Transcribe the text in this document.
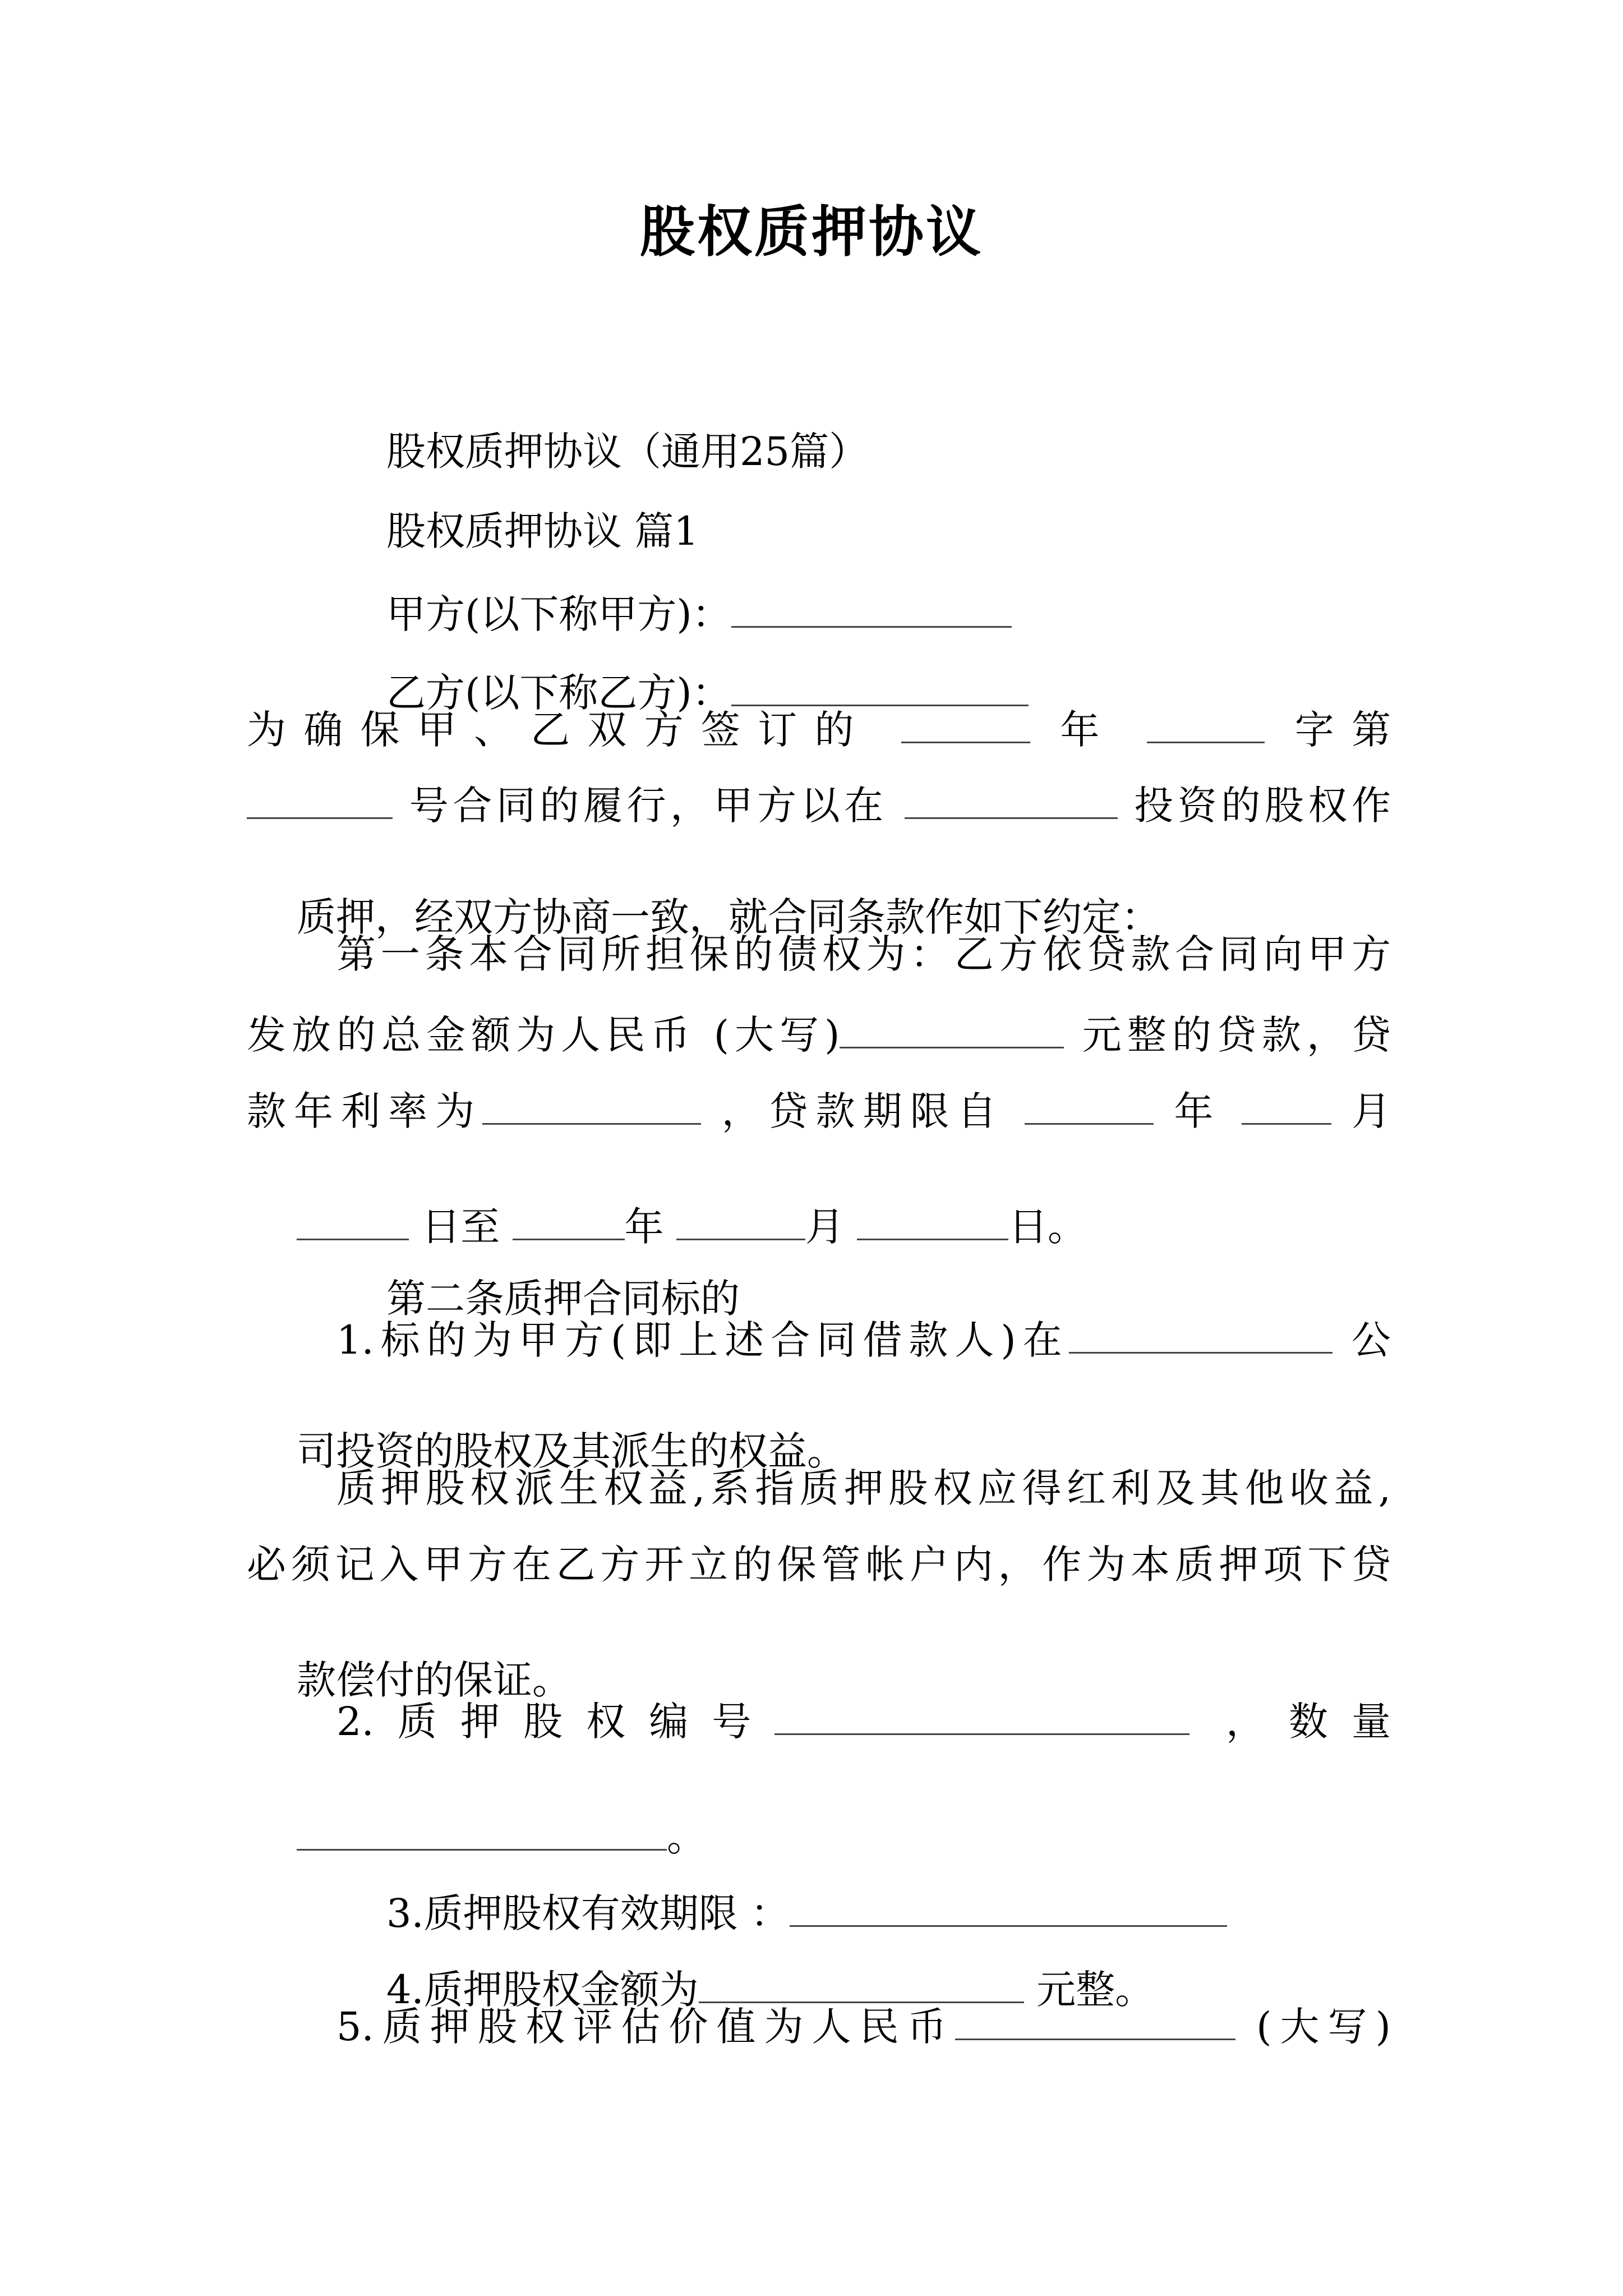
股权质押协议

股权质押协议（通用25篇）

股权质押协议 篇1

甲方(以下称甲方)：

乙方(以下称乙方)：

为确保甲、乙双方签订的	年	字第
号合同的履行，甲方以在	投资的股权作

质押，经双方协商一致，就合同条款作如下约定：

第一条本合同所担保的债权为：乙方依贷款合同向甲方
发放的总金额为人民币 (大写)	元整的贷款，贷
款年利率为	，贷款期限自	年	月

日至	年	月	日。

第二条质押合同标的

1.标的为甲方(即上述合同借款人)在	公

司投资的股权及其派生的权益。

质押股权派生权益,系指质押股权应得红利及其他收益,
必须记入甲方在乙方开立的保管帐户内，作为本质押项下贷

款偿付的保证。

2.质押股权编号	，数量

。

3.质押股权有效期限 ：

4.质押股权金额为	元整。

5.质押股权评估价值为人民币	(大写)
